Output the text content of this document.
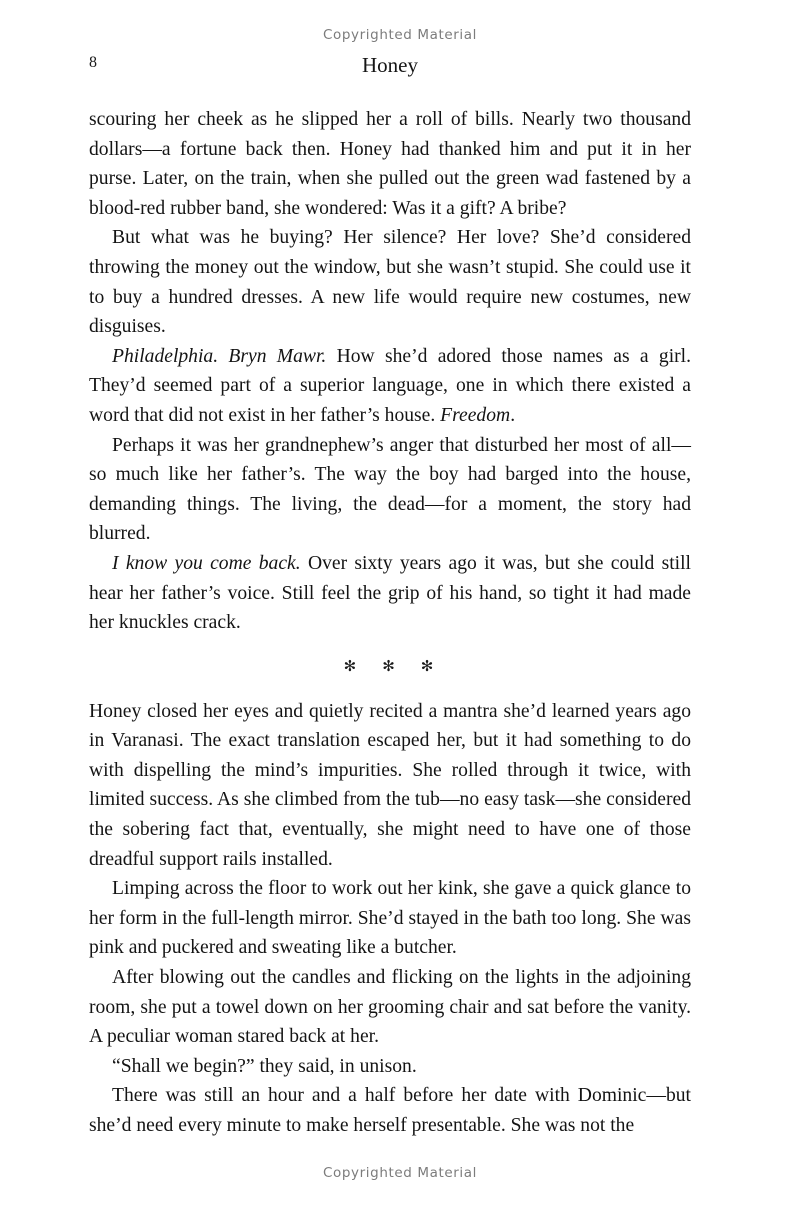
Copyrighted Material
8	Honey

scouring her cheek as he slipped her a roll of bills. Nearly two thousand dollars—a fortune back then. Honey had thanked him and put it in her purse. Later, on the train, when she pulled out the green wad fastened by a blood-red rubber band, she wondered: Was it a gift? A bribe?

But what was he buying? Her silence? Her love? She’d considered throwing the money out the window, but she wasn’t stupid. She could use it to buy a hundred dresses. A new life would require new costumes, new disguises.

Philadelphia. Bryn Mawr. How she’d adored those names as a girl. They’d seemed part of a superior language, one in which there existed a word that did not exist in her father’s house. Freedom.

Perhaps it was her grandnephew’s anger that disturbed her most of all—so much like her father’s. The way the boy had barged into the house, demanding things. The living, the dead—for a moment, the story had blurred.

I know you come back. Over sixty years ago it was, but she could still hear her father’s voice. Still feel the grip of his hand, so tight it had made her knuckles crack.

✻✻✻

Honey closed her eyes and quietly recited a mantra she’d learned years ago in Varanasi. The exact translation escaped her, but it had something to do with dispelling the mind’s impurities. She rolled through it twice, with limited success. As she climbed from the tub—no easy task—she considered the sobering fact that, eventually, she might need to have one of those dreadful support rails installed.

Limping across the floor to work out her kink, she gave a quick glance to her form in the full-length mirror. She’d stayed in the bath too long. She was pink and puckered and sweating like a butcher.

After blowing out the candles and flicking on the lights in the adjoining room, she put a towel down on her grooming chair and sat before the vanity. A peculiar woman stared back at her.

“Shall we begin?” they said, in unison.

There was still an hour and a half before her date with Dominic—but she’d need every minute to make herself presentable. She was not the

Copyrighted Material
